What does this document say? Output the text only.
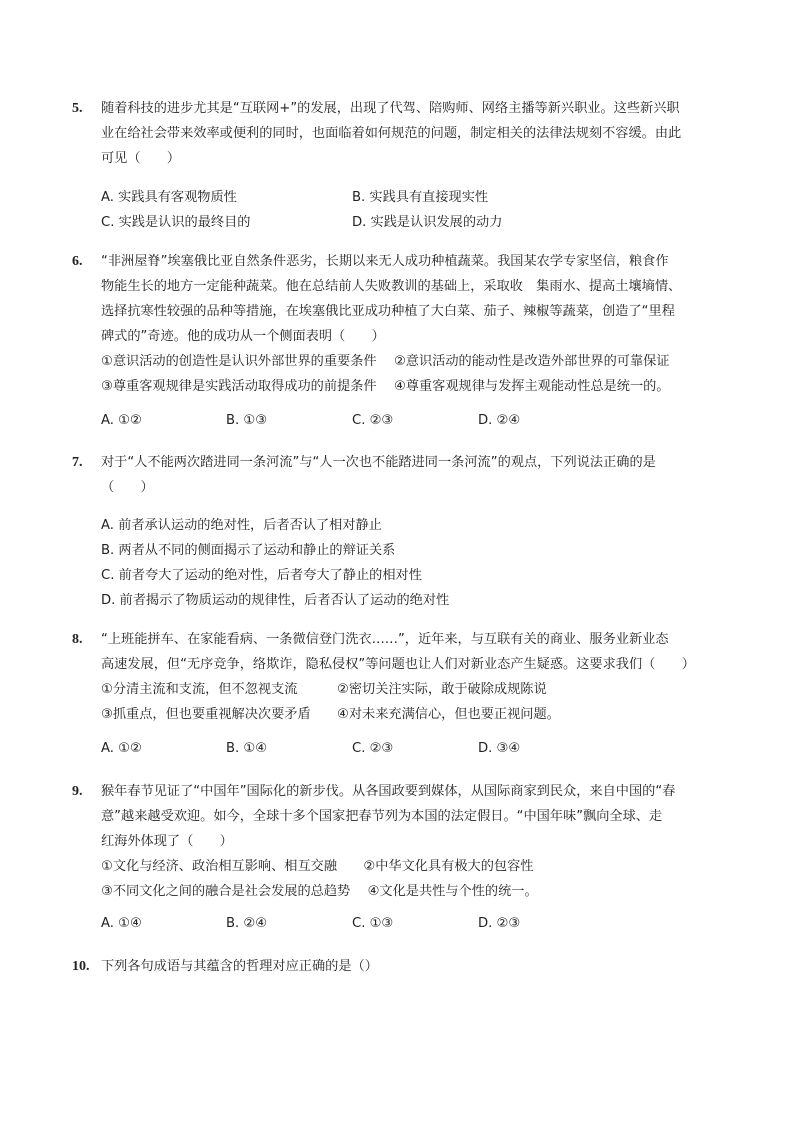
5. 随着科技的进步尤其是“互联网+”的发展，出现了代驾、陪购师、网络主播等新兴职业。这些新兴职
业在给社会带来效率或便利的同时，也面临着如何规范的问题，制定相关的法律法规刻不容缓。由此
可见（　　）
A. 实践具有客观物质性	B. 实践具有直接现实性
C. 实践是认识的最终目的	D. 实践是认识发展的动力
6. “非洲屋脊”埃塞俄比亚自然条件恶劣，长期以来无人成功种植蔬菜。我国某农学专家坚信，粮食作
物能生长的地方一定能种蔬菜。他在总结前人失败教训的基础上，采取收　集雨水、提高土壤墒情、
选择抗寒性较强的品种等措施，在埃塞俄比亚成功种植了大白菜、茄子、辣椒等蔬菜，创造了“里程
碑式的”奇迹。他的成功从一个侧面表明（　　）
①意识活动的创造性是认识外部世界的重要条件　 ②意识活动的能动性是改造外部世界的可靠保证
③尊重客观规律是实践活动取得成功的前提条件　 ④尊重客观规律与发挥主观能动性总是统一的。
A. ①②	B. ①③	C. ②③	D. ②④
7. 对于“人不能两次踏进同一条河流”与“人一次也不能踏进同一条河流”的观点，下列说法正确的是
（　　）
A. 前者承认运动的绝对性，后者否认了相对静止
B. 两者从不同的侧面揭示了运动和静止的辩证关系
C. 前者夸大了运动的绝对性，后者夸大了静止的相对性
D. 前者揭示了物质运动的规律性，后者否认了运动的绝对性
8. “上班能拼车、在家能看病、一条微信登门洗衣……”，近年来，与互联有关的商业、服务业新业态
高速发展，但“无序竞争，络欺诈，隐私侵权”等问题也让人们对新业态产生疑惑。这要求我们（　　）
①分清主流和支流，但不忽视支流　　　②密切关注实际，敢于破除成规陈说
③抓重点，但也要重视解决次要矛盾　　④对未来充满信心，但也要正视问题。
A. ①②	B. ①④	C. ②③	D. ③④
9. 猴年春节见证了“中国年”国际化的新步伐。从各国政要到媒体，从国际商家到民众，来自中国的“春
意”越来越受欢迎。如今，全球十多个国家把春节列为本国的法定假日。“中国年味”飘向全球、走
红海外体现了（　　）
①文化与经济、政治相互影响、相互交融　　②中华文化具有极大的包容性
③不同文化之间的融合是社会发展的总趋势　 ④文化是共性与个性的统一。
A. ①④	B. ②④	C. ①③	D. ②③
10. 下列各句成语与其蕴含的哲理对应正确的是（）
